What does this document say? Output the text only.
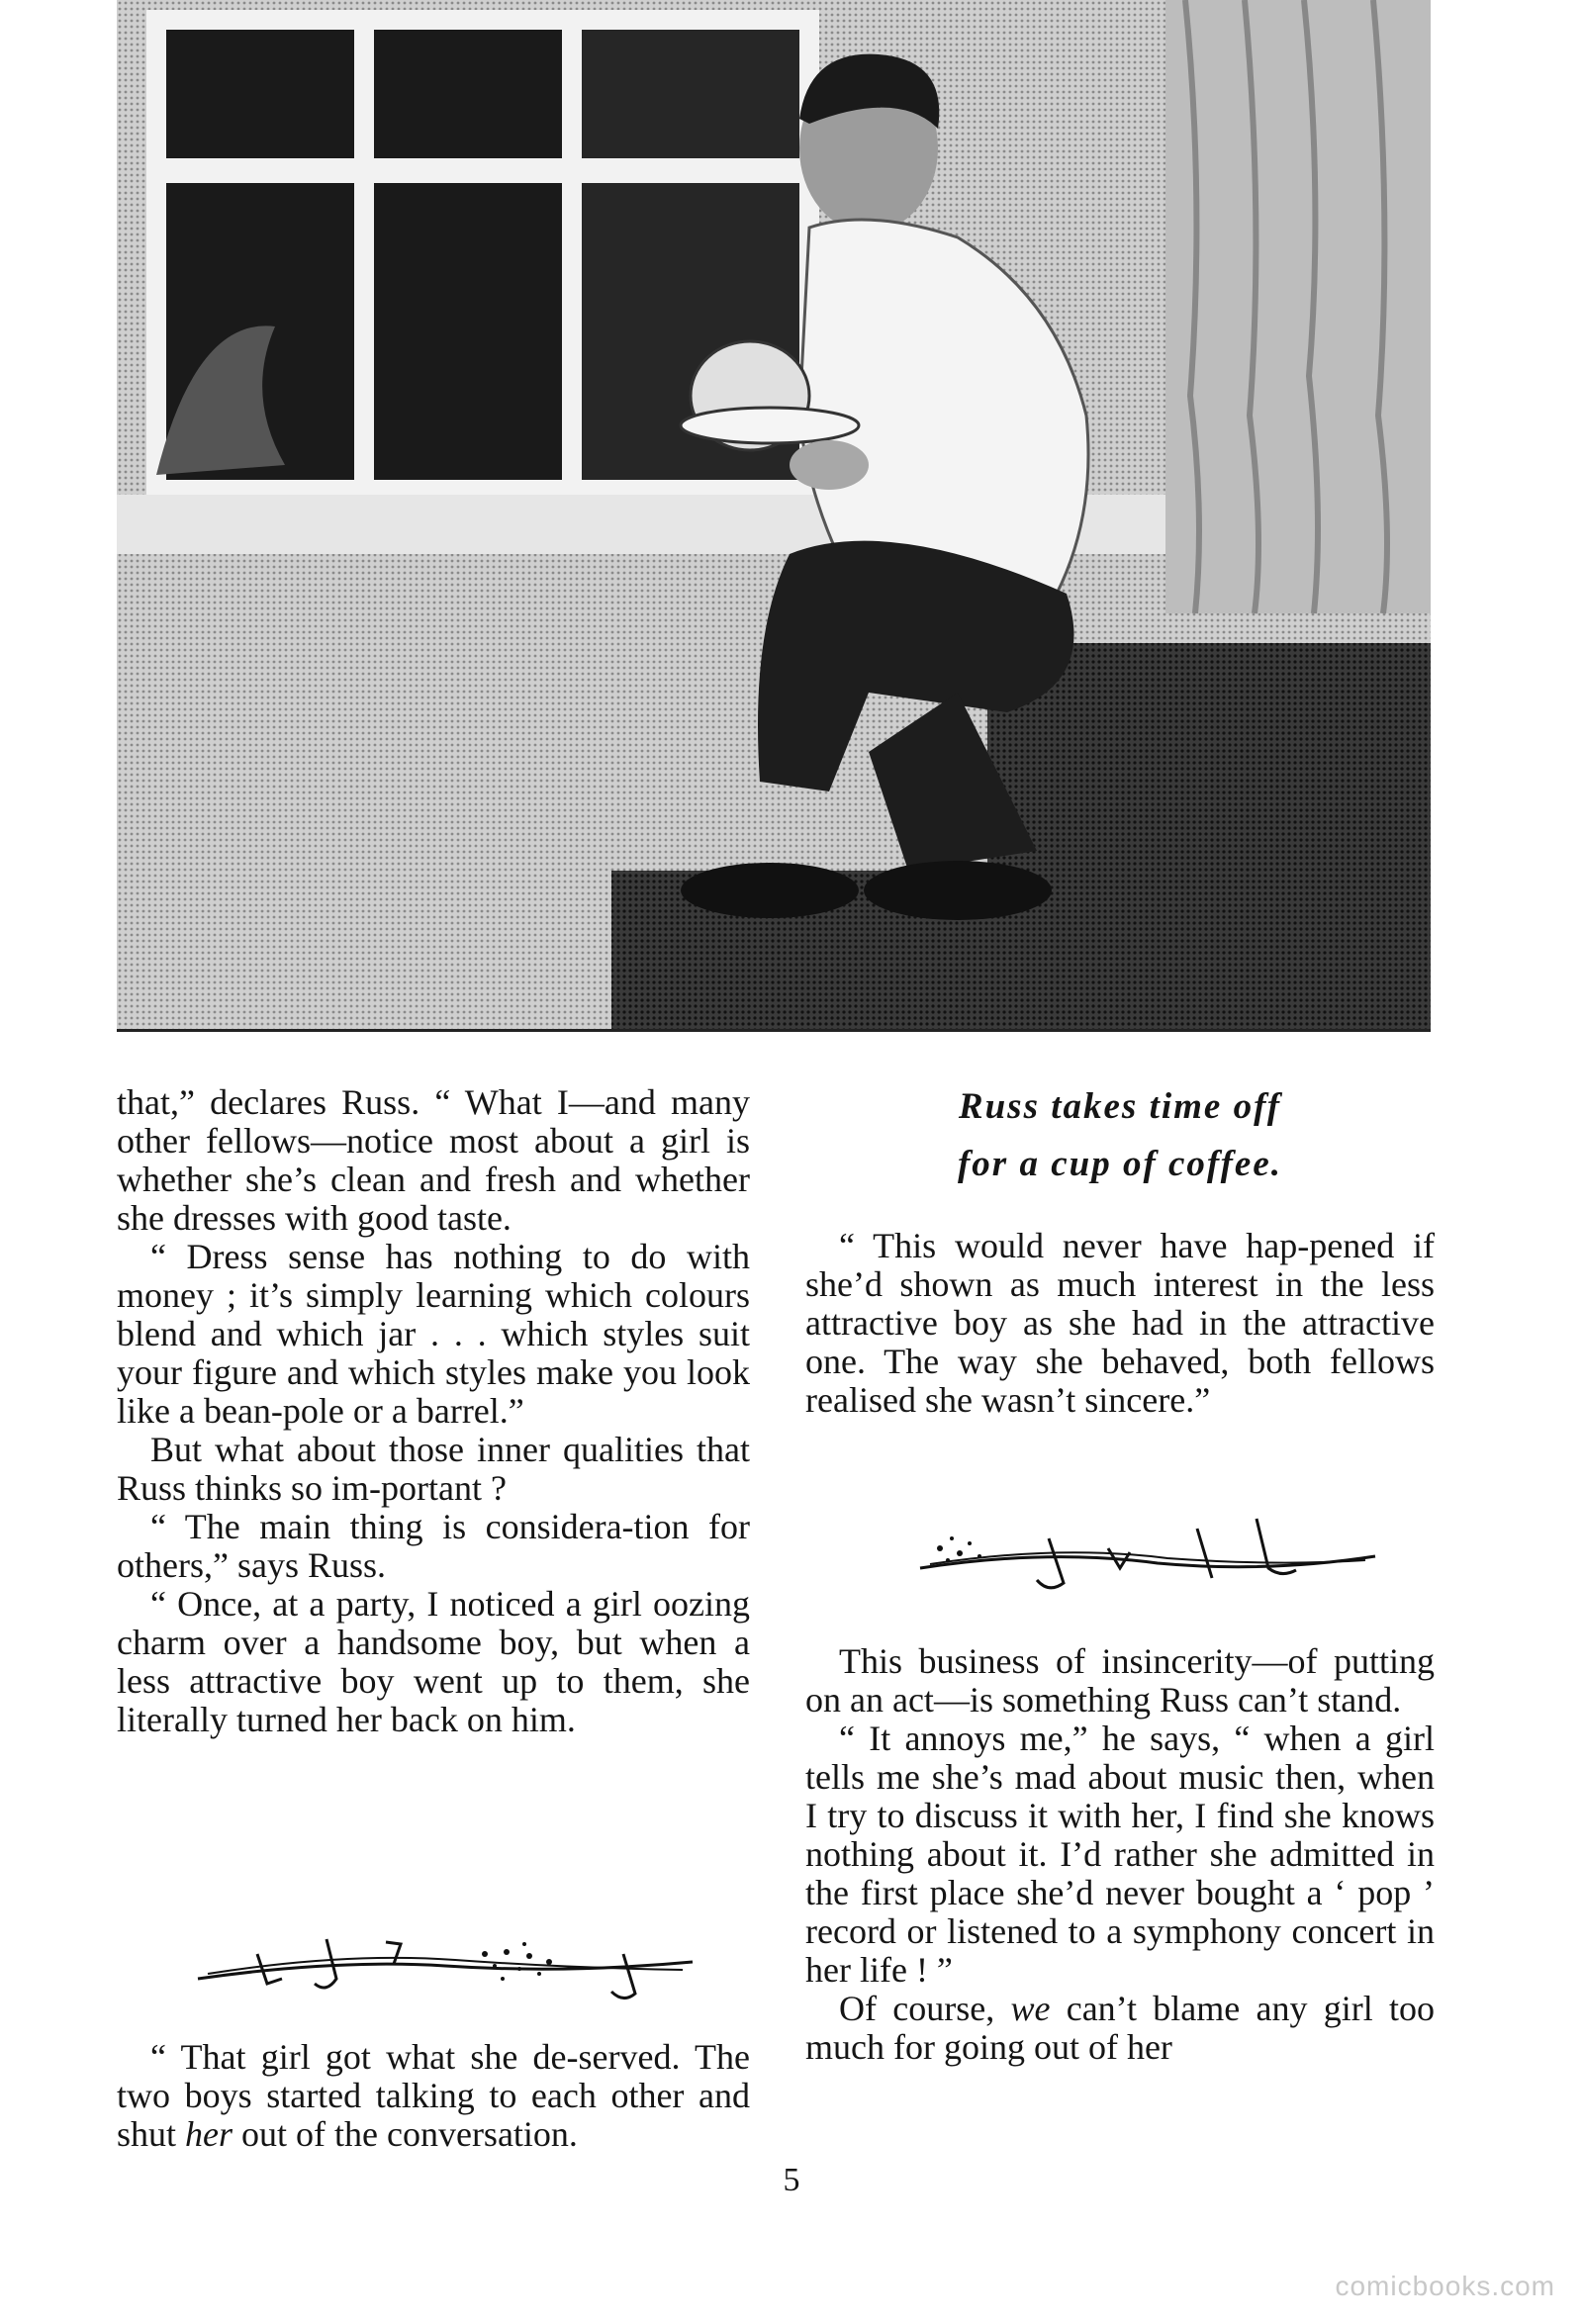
Russ takes time off
for a cup of coffee.

that,” declares Russ. “ What I—and many other fellows—notice most about a girl is whether she’s clean and fresh and whether she dresses with good taste.

“ Dress sense has nothing to do with money ; it’s simply learning which colours blend and which jar . . . which styles suit your figure and which styles make you look like a bean-pole or a barrel.”

But what about those inner qualities that Russ thinks so im-portant ?

“ The main thing is considera-tion for others,” says Russ.

“ Once, at a party, I noticed a girl oozing charm over a handsome boy, but when a less attractive boy went up to them, she literally turned her back on him.

“ That girl got what she de-served. The two boys started talking to each other and shut her out of the conversation.

“ This would never have hap-pened if she’d shown as much interest in the less attractive boy as she had in the attractive one. The way she behaved, both fellows realised she wasn’t sincere.”

This business of insincerity—of putting on an act—is something Russ can’t stand.

“ It annoys me,” he says, “ when a girl tells me she’s mad about music then, when I try to discuss it with her, I find she knows nothing about it. I’d rather she admitted in the first place she’d never bought a ‘ pop ’ record or listened to a symphony concert in her life ! ”

Of course, we can’t blame any girl too much for going out of her

5
comicbooks.com
